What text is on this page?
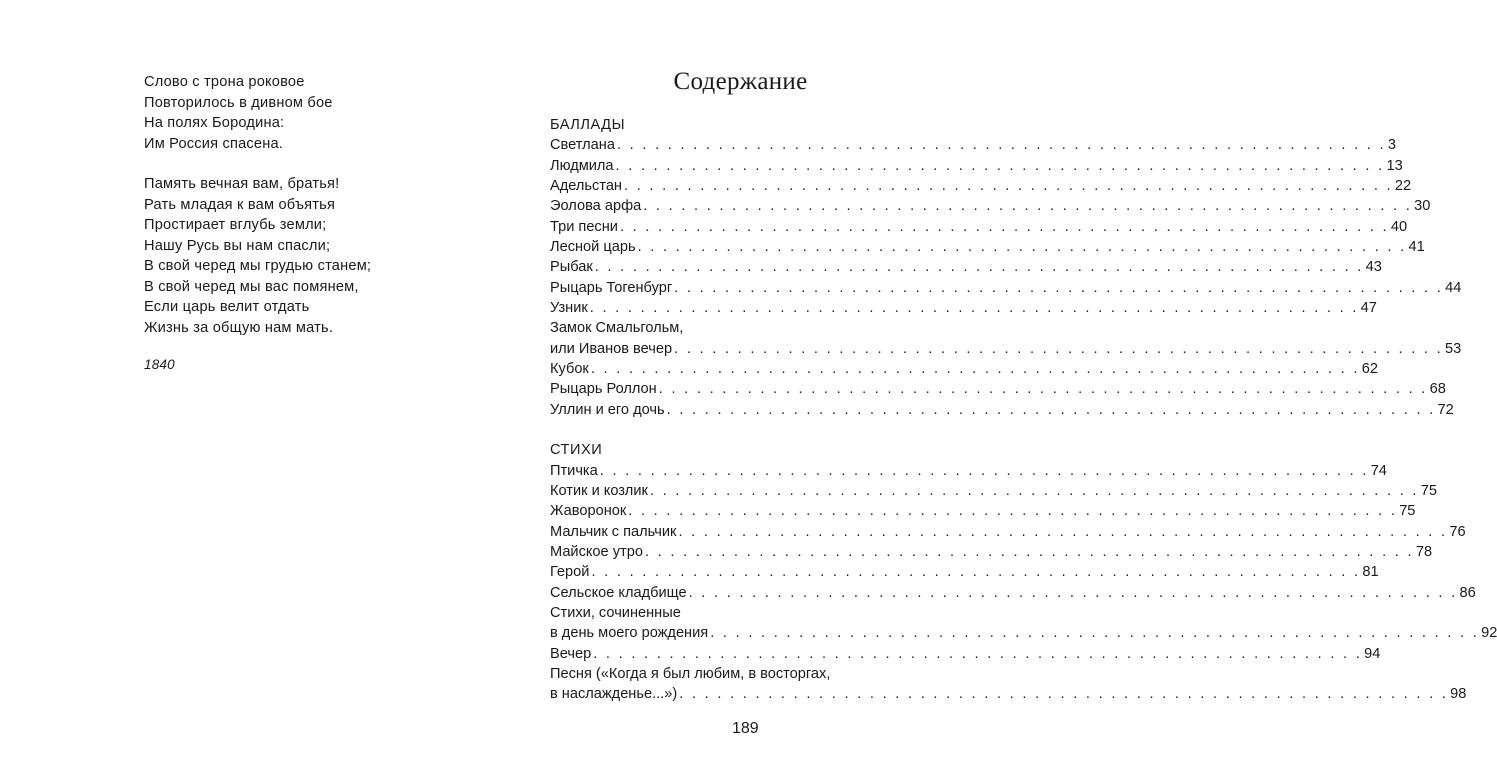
Слово с трона роковое
Повторилось в дивном бое
На полях Бородина:
Им Россия спасена.
Память вечная вам, братья!
Рать младая к вам объятья
Простирает вглубь земли;
Нашу Русь вы нам спасли;
В свой черед мы грудью станем;
В свой черед мы вас помянем,
Если царь велит отдать
Жизнь за общую нам мать.
1840
Содержание
БАЛЛАДЫ
Светлана . . . . . . . . . . . . . . . . . . . . . . . . . . . . . . . . . . . . . . . . . . . . . . . . . . . . . . . . . . . . . 3
Людмила . . . . . . . . . . . . . . . . . . . . . . . . . . . . . . . . . . . . . . . . . . . . . . . . . . . . . . . . . . . . . 13
Адельстан . . . . . . . . . . . . . . . . . . . . . . . . . . . . . . . . . . . . . . . . . . . . . . . . . . . . . . . . . . . . . 22
Эолова арфа . . . . . . . . . . . . . . . . . . . . . . . . . . . . . . . . . . . . . . . . . . . . . . . . . . . . . . . . . . . . . 30
Три песни . . . . . . . . . . . . . . . . . . . . . . . . . . . . . . . . . . . . . . . . . . . . . . . . . . . . . . . . . . . . . 40
Лесной царь . . . . . . . . . . . . . . . . . . . . . . . . . . . . . . . . . . . . . . . . . . . . . . . . . . . . . . . . . . . . . 41
Рыбак . . . . . . . . . . . . . . . . . . . . . . . . . . . . . . . . . . . . . . . . . . . . . . . . . . . . . . . . . . . . . 43
Рыцарь Тогенбург . . . . . . . . . . . . . . . . . . . . . . . . . . . . . . . . . . . . . . . . . . . . . . . . . . . . . . . . . . . . . 44
Узник . . . . . . . . . . . . . . . . . . . . . . . . . . . . . . . . . . . . . . . . . . . . . . . . . . . . . . . . . . . . . 47
Замок Смальгольм,
или Иванов вечер . . . . . . . . . . . . . . . . . . . . . . . . . . . . . . . . . . . . . . . . . . . . . . . . . . . . . . . . . . . . . 53
Кубок . . . . . . . . . . . . . . . . . . . . . . . . . . . . . . . . . . . . . . . . . . . . . . . . . . . . . . . . . . . . . 62
Рыцарь Роллон . . . . . . . . . . . . . . . . . . . . . . . . . . . . . . . . . . . . . . . . . . . . . . . . . . . . . . . . . . . . . 68
Уллин и его дочь . . . . . . . . . . . . . . . . . . . . . . . . . . . . . . . . . . . . . . . . . . . . . . . . . . . . . . . . . . . . . 72
СТИХИ
Птичка . . . . . . . . . . . . . . . . . . . . . . . . . . . . . . . . . . . . . . . . . . . . . . . . . . . . . . . . . . . . . 74
Котик и козлик . . . . . . . . . . . . . . . . . . . . . . . . . . . . . . . . . . . . . . . . . . . . . . . . . . . . . . . . . . . . . 75
Жаворонок . . . . . . . . . . . . . . . . . . . . . . . . . . . . . . . . . . . . . . . . . . . . . . . . . . . . . . . . . . . . . 75
Мальчик с пальчик . . . . . . . . . . . . . . . . . . . . . . . . . . . . . . . . . . . . . . . . . . . . . . . . . . . . . . . . . . . . . 76
Майское утро . . . . . . . . . . . . . . . . . . . . . . . . . . . . . . . . . . . . . . . . . . . . . . . . . . . . . . . . . . . . . 78
Герой . . . . . . . . . . . . . . . . . . . . . . . . . . . . . . . . . . . . . . . . . . . . . . . . . . . . . . . . . . . . . 81
Сельское кладбище . . . . . . . . . . . . . . . . . . . . . . . . . . . . . . . . . . . . . . . . . . . . . . . . . . . . . . . . . . . . . 86
Стихи, сочиненные
в день моего рождения . . . . . . . . . . . . . . . . . . . . . . . . . . . . . . . . . . . . . . . . . . . . . . . . . . . . . . . . . . . . . 92
Вечер . . . . . . . . . . . . . . . . . . . . . . . . . . . . . . . . . . . . . . . . . . . . . . . . . . . . . . . . . . . . . 94
Песня («Когда я был любим, в восторгах,
в наслажденье...») . . . . . . . . . . . . . . . . . . . . . . . . . . . . . . . . . . . . . . . . . . . . . . . . . . . . . . . . . . . . . 98
189
